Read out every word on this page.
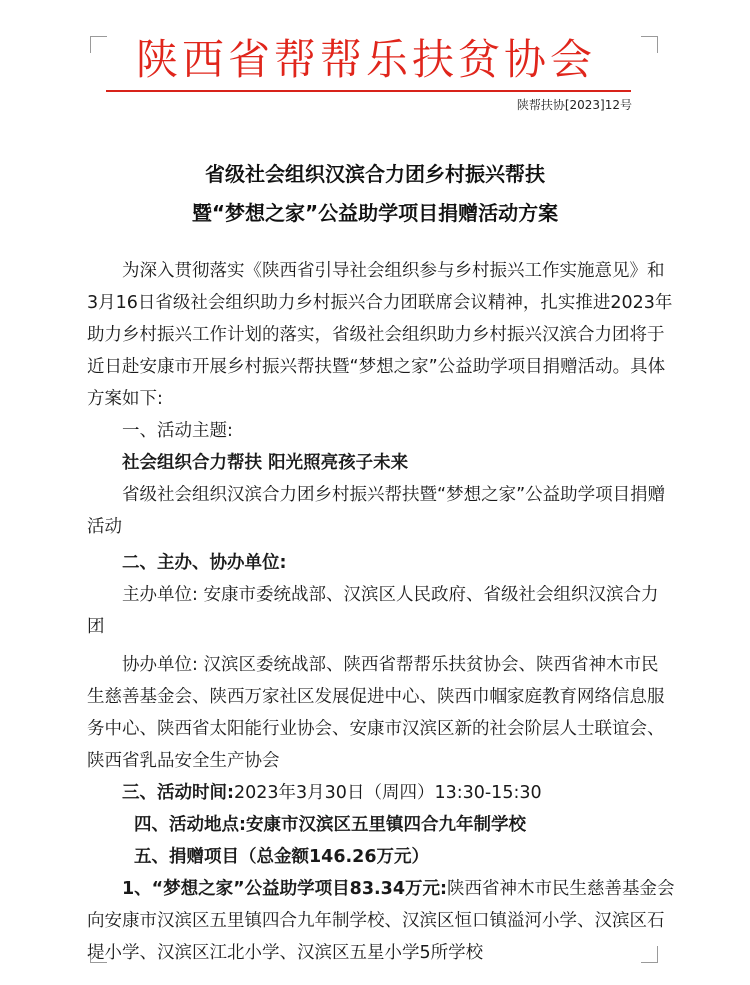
陕西省帮帮乐扶贫协会
陕帮扶协[2023]12号
省级社会组织汉滨合力团乡村振兴帮扶
暨“梦想之家”公益助学项目捐赠活动方案

为深入贯彻落实《陕西省引导社会组织参与乡村振兴工作实施意见》和3月16日省级社会组织助力乡村振兴合力团联席会议精神，扎实推进2023年助力乡村振兴工作计划的落实，省级社会组织助力乡村振兴汉滨合力团将于近日赴安康市开展乡村振兴帮扶暨“梦想之家”公益助学项目捐赠活动。具体方案如下:

一、活动主题:

社会组织合力帮扶 阳光照亮孩子未来

省级社会组织汉滨合力团乡村振兴帮扶暨“梦想之家”公益助学项目捐赠活动

二、主办、协办单位:

主办单位: 安康市委统战部、汉滨区人民政府、省级社会组织汉滨合力团

协办单位: 汉滨区委统战部、陕西省帮帮乐扶贫协会、陕西省神木市民生慈善基金会、陕西万家社区发展促进中心、陕西巾帼家庭教育网络信息服务中心、陕西省太阳能行业协会、安康市汉滨区新的社会阶层人士联谊会、陕西省乳品安全生产协会

三、活动时间:2023年3月30日（周四）13:30-15:30

四、活动地点:安康市汉滨区五里镇四合九年制学校

五、捐赠项目（总金额146.26万元）

1、“梦想之家”公益助学项目83.34万元:陕西省神木市民生慈善基金会向安康市汉滨区五里镇四合九年制学校、汉滨区恒口镇溢河小学、汉滨区石堤小学、汉滨区江北小学、汉滨区五星小学5所学校
